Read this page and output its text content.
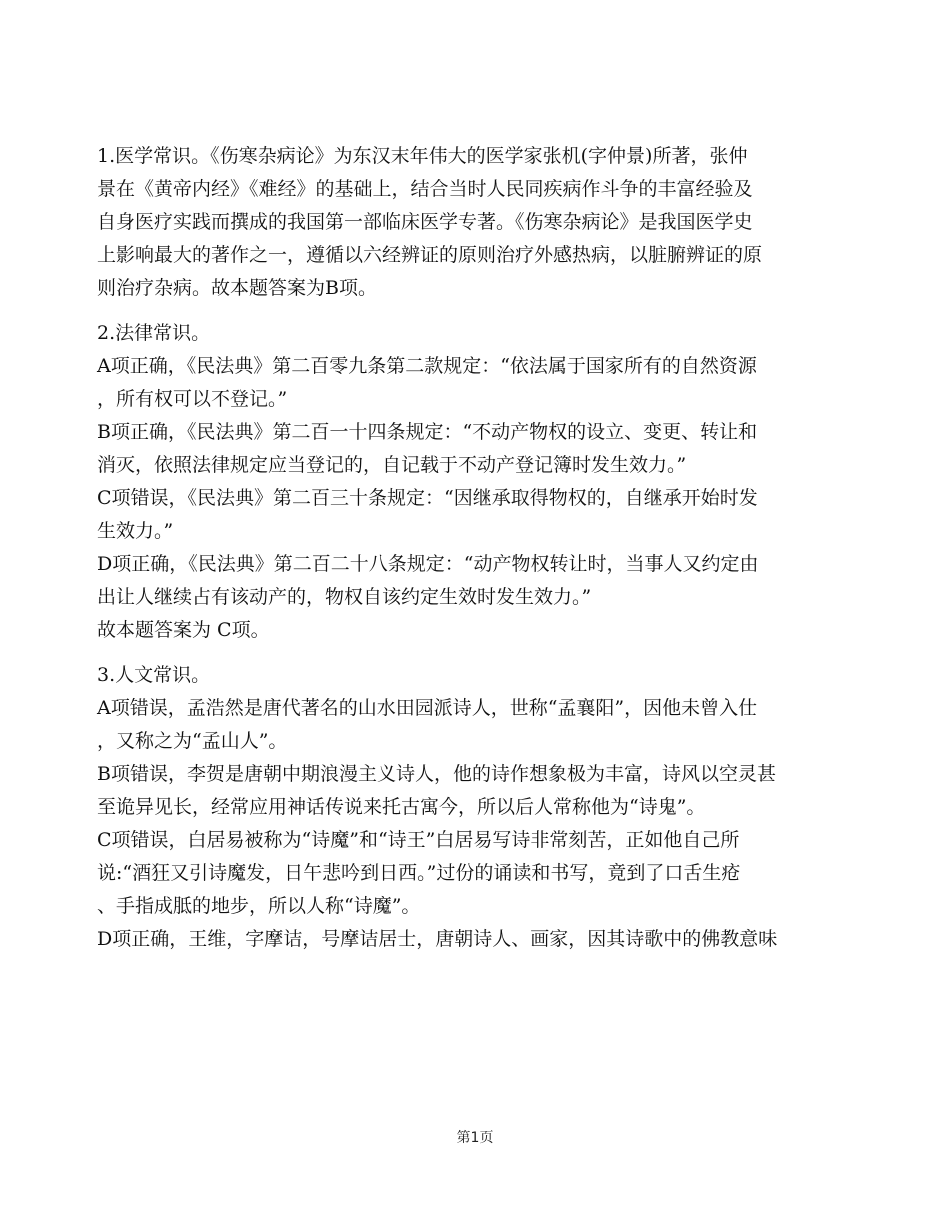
1.医学常识。《伤寒杂病论》为东汉末年伟大的医学家张机(字仲景)所著，张仲
景在《黄帝内经》《难经》的基础上，结合当时人民同疾病作斗争的丰富经验及
自身医疗实践而撰成的我国第一部临床医学专著。《伤寒杂病论》是我国医学史
上影响最大的著作之一，遵循以六经辨证的原则治疗外感热病，以脏腑辨证的原
则治疗杂病。故本题答案为B项。

2.法律常识。
A项正确，《民法典》第二百零九条第二款规定：“依法属于国家所有的自然资源
，所有权可以不登记。”
B项正确，《民法典》第二百一十四条规定：“不动产物权的设立、变更、转让和
消灭，依照法律规定应当登记的，自记载于不动产登记簿时发生效力。”
C项错误，《民法典》第二百三十条规定：“因继承取得物权的，自继承开始时发
生效力。”
D项正确，《民法典》第二百二十八条规定：“动产物权转让时，当事人又约定由
出让人继续占有该动产的，物权自该约定生效时发生效力。”
故本题答案为 C项。

3.人文常识。
A项错误，孟浩然是唐代著名的山水田园派诗人，世称“孟襄阳”，因他未曾入仕
，又称之为“孟山人”。
B项错误，李贺是唐朝中期浪漫主义诗人，他的诗作想象极为丰富，诗风以空灵甚
至诡异见长，经常应用神话传说来托古寓今，所以后人常称他为“诗鬼”。
C项错误，白居易被称为“诗魔”和“诗王”白居易写诗非常刻苦，正如他自己所
说:“酒狂又引诗魔发，日午悲吟到日西。”过份的诵读和书写，竟到了口舌生疮
、手指成胝的地步，所以人称“诗魔”。
D项正确，王维，字摩诘，号摩诘居士，唐朝诗人、画家，因其诗歌中的佛教意味

第1页
